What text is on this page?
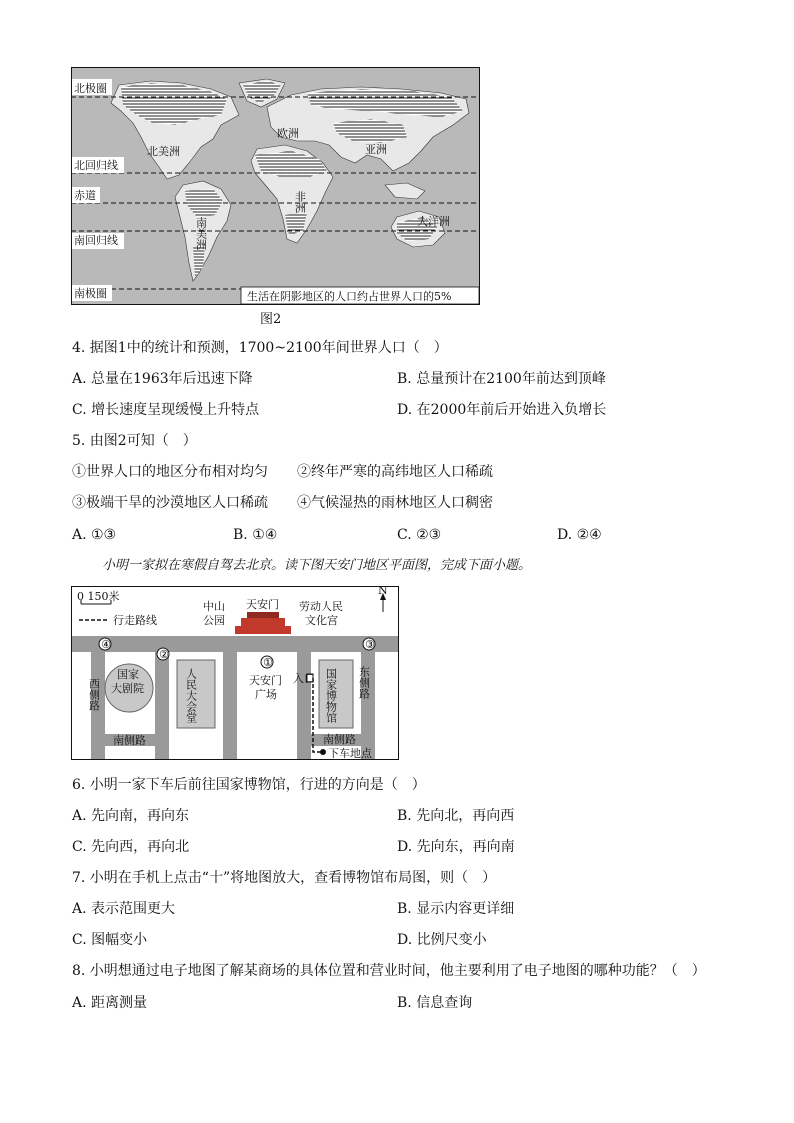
北极圈
北回归线
赤道
南回归线
南极圈
北美洲
欧洲
亚洲
非洲
南美洲	大洋洲
生活在阴影地区的人口约占世界人口的5%
图2
4. 据图1中的统计和预测，1700~2100年间世界人口（　）
A. 总量在1963年后迅速下降	B. 总量预计在2100年前达到顶峰
C. 增长速度呈现缓慢上升特点	D. 在2000年前后开始进入负增长
5. 由图2可知（　）
①世界人口的地区分布相对均匀 ②终年严寒的高纬地区人口稀疏
③极端干旱的沙漠地区人口稀疏 ④气候湿热的雨林地区人口稠密
A. ①③	B. ①④	C. ②③	D. ②④
小明一家拟在寒假自驾去北京。读下图天安门地区平面图，完成下面小题。
0 150米
行走路线
N
中山
公园
天安门 劳动人民
文化宫
④
②
①
③
国家
大剧院	人民大会堂	天安门
广场	国家博物馆
西侧路	东侧路
南侧路	南侧路
入口
下车地点
6. 小明一家下车后前往国家博物馆，行进的方向是（　）
A. 先向南，再向东	B. 先向北，再向西
C. 先向西，再向北	D. 先向东，再向南
7. 小明在手机上点击“十”将地图放大，查看博物馆布局图，则（　）
A. 表示范围更大	B. 显示内容更详细
C. 图幅变小	D. 比例尺变小
8. 小明想通过电子地图了解某商场的具体位置和营业时间，他主要利用了电子地图的哪种功能？（　）
A. 距离测量	B. 信息查询
